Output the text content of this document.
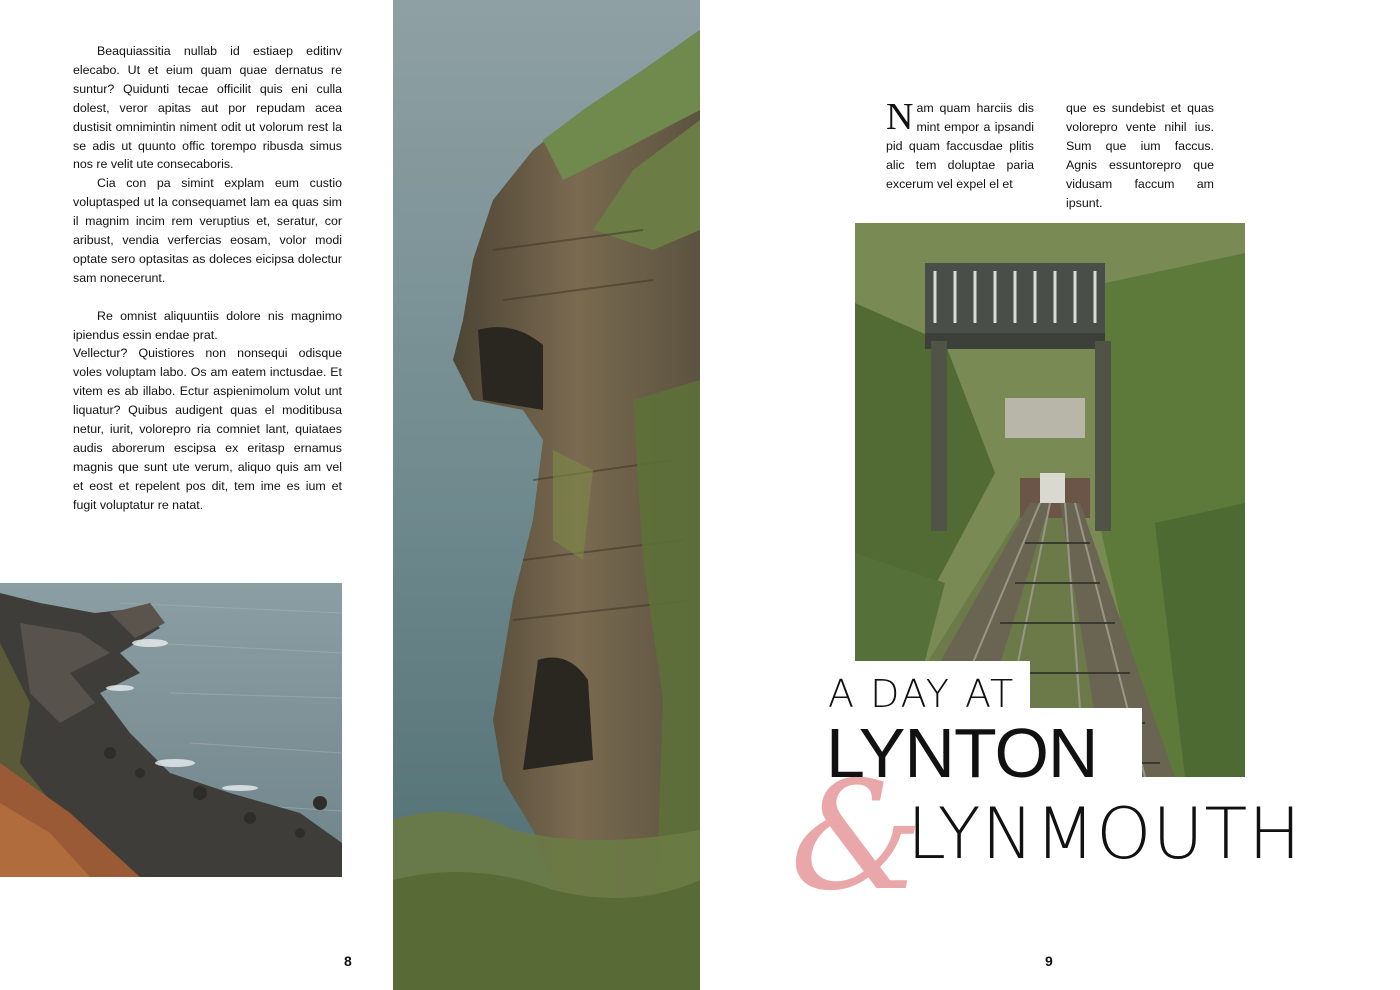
Beaquiassitia nullab id estiaep editinv elecabo. Ut et eium quam quae dernatus re suntur? Quidunti tecae officilit quis eni culla dolest, veror apitas aut por repudam acea dustisit omnimintin niment odit ut volorum rest la se adis ut quunto offic torempo ribusda simus nos re velit ute consecaboris.

Cia con pa simint explam eum custio voluptasped ut la consequamet lam ea quas sim il magnim incim rem veruptius et, seratur, cor aribust, vendia verfercias eosam, volor modi optate sero optasitas as doleces eicipsa dolectur sam nonecerunt.

Re omnist aliquuntiis dolore nis magnimo ipiendus essin endae prat.

Vellectur? Quistiores non nonsequi odisque voles voluptam labo. Os am eatem inctusdae. Et vitem es ab illabo. Ectur aspienimolum volut unt liquatur? Quibus audigent quas el moditibusa netur, iurit, volorepro ria comniet lant, quiataes audis aborerum escipsa ex eritasp ernamus magnis que sunt ute verum, aliquo quis am vel et eost et repelent pos dit, tem ime es ium et fugit voluptatur re natat.

Nam quam harciis dis mint empor a ipsandi pid quam faccusdae plitis alic tem doluptae paria excerum vel expel el et
que es sundebist et quas volorepro vente nihil ius. Sum que ium faccus. Agnis essuntorepro que vidusam faccum am ipsunt.
A DAY AT
&
LYNTON
LYNMOUTH
8	9
